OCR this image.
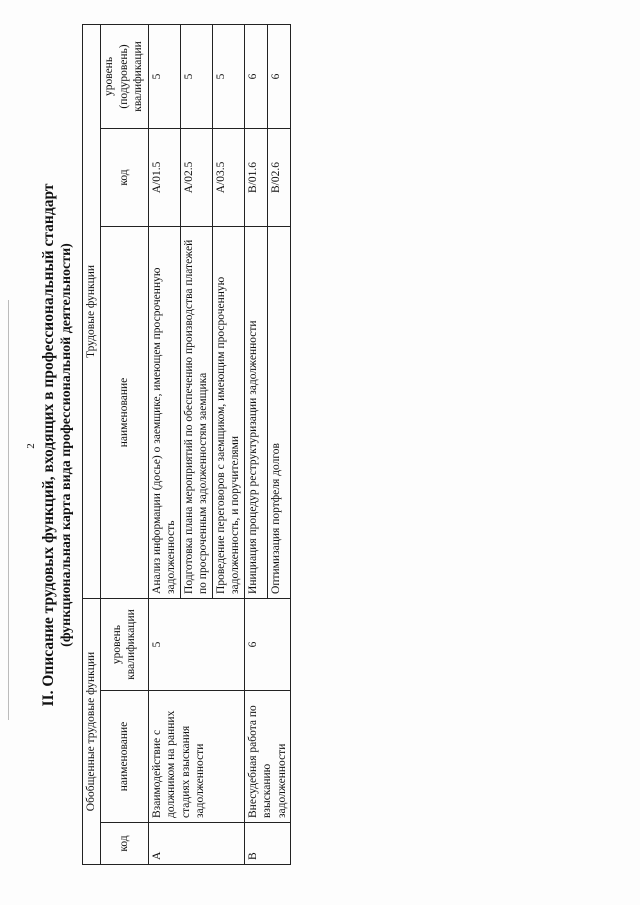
2 II. Описание трудовых функций, входящих в профессиональный стандарт (функциональная карта вида профессиональной деятельности)
Обобщенные трудовые функции			Трудовые функции		
код	наименование	уровень квалификации	наименование	код	уровень (подуровень) квалификации
A	Взаимодействие с должником на ранних стадиях взыскания задолженности	5	Анализ информации (досье) о заемщике, имеющем просроченную задолженность	A/01.5	5
			Подготовка плана мероприятий по обеспечению производства платежей по просроченным задолженностям заемщика	A/02.5	5
			Проведение переговоров с заемщиком, имеющим просроченную задолженность, и поручителями	A/03.5	5
B	Внесудебная работа по взысканию задолженности	6	Инициация процедур реструктуризации задолженности	B/01.6	6
			Оптимизация портфеля долгов	B/02.6	6
